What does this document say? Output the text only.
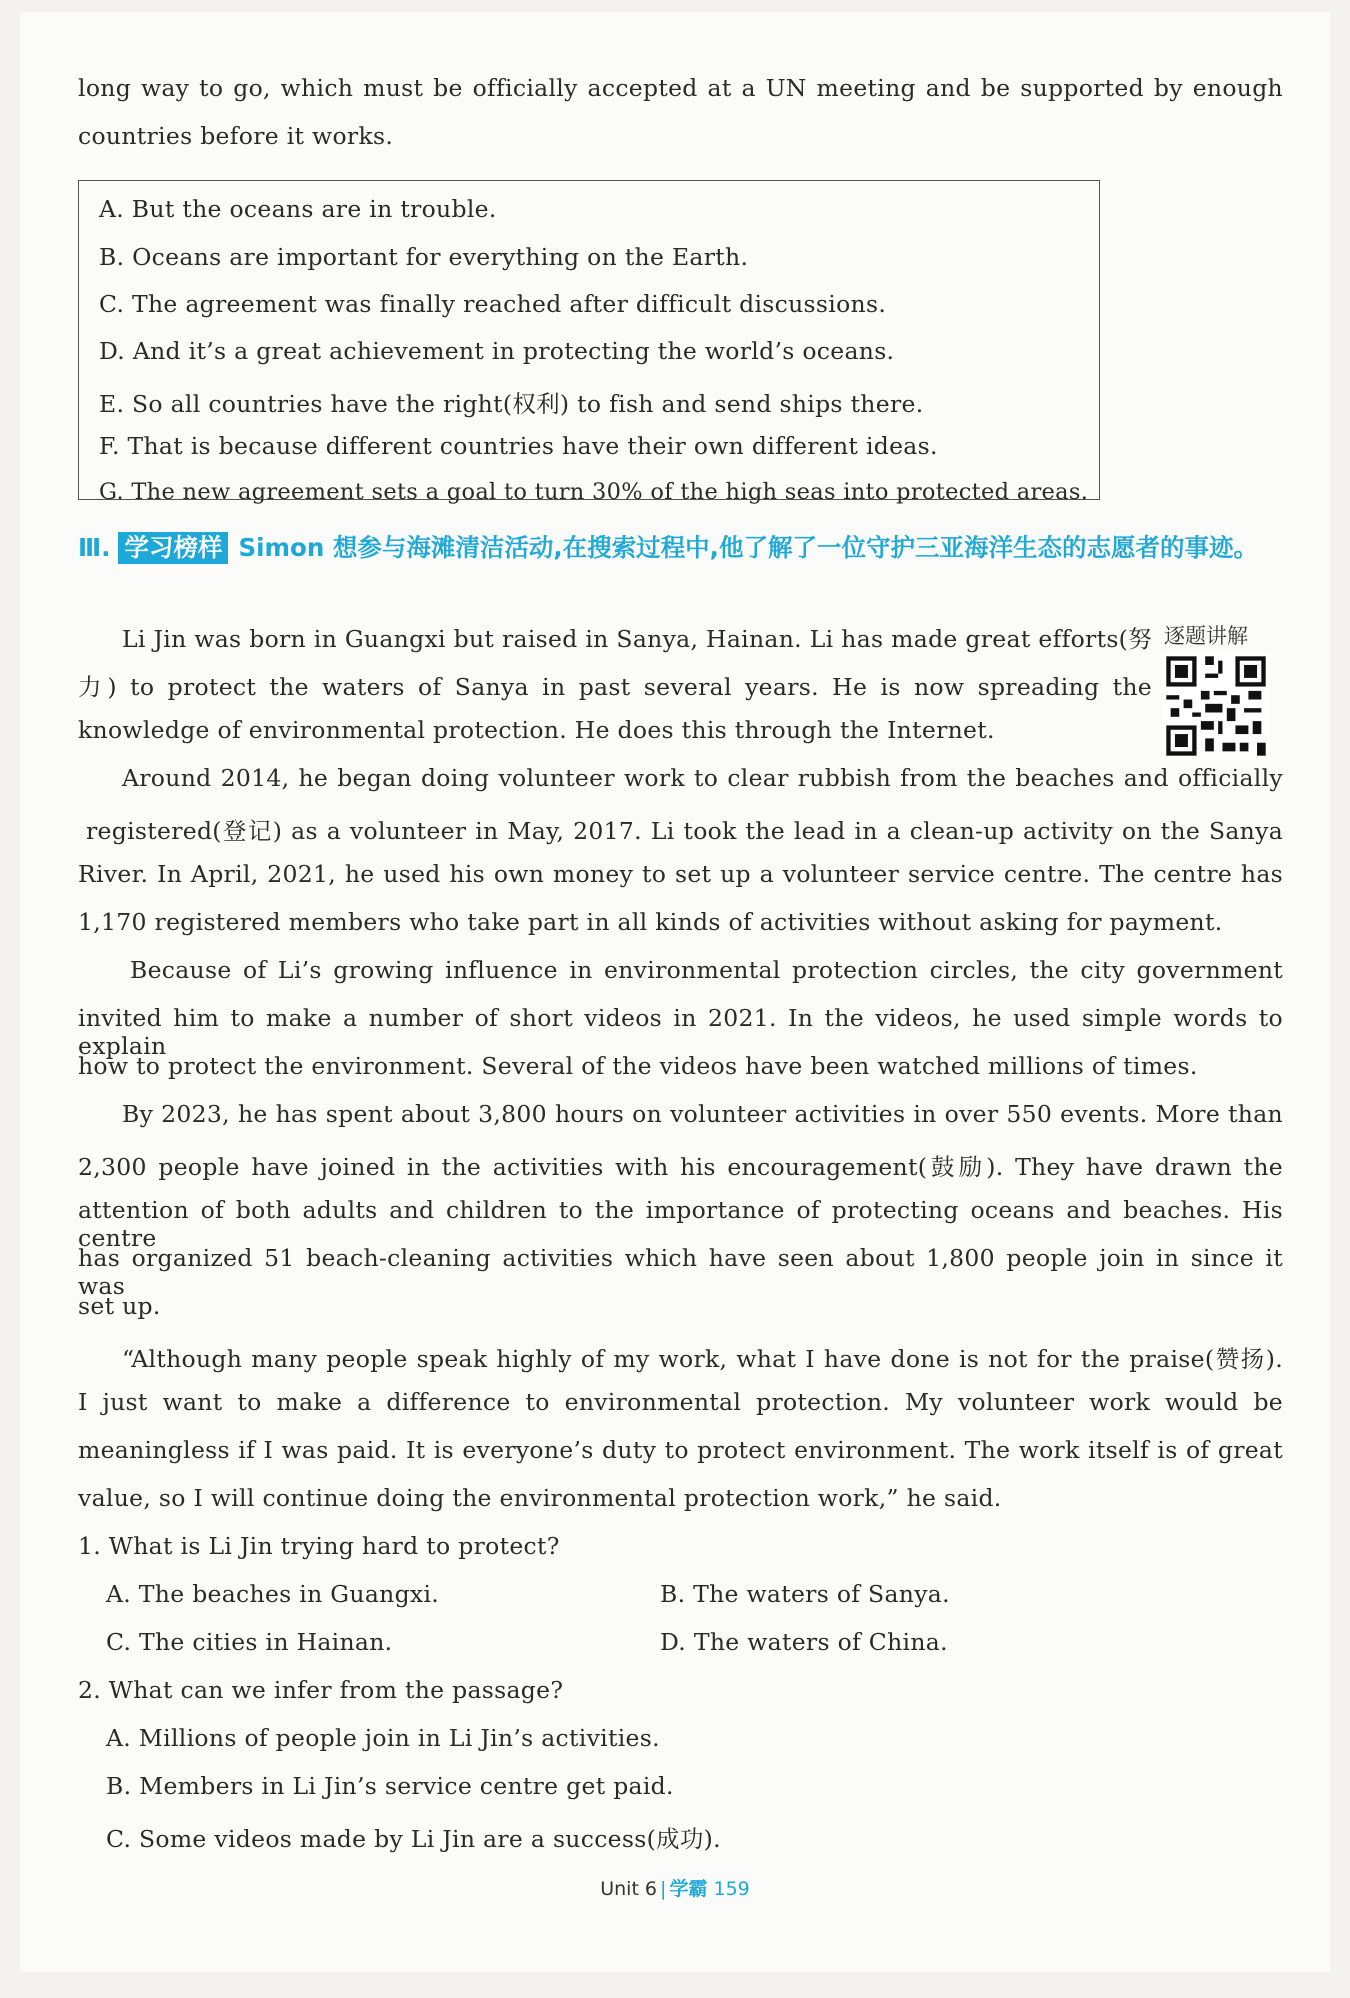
long way to go, which must be officially accepted at a UN meeting and be supported by enough
countries before it works.
A. But the oceans are in trouble.
B. Oceans are important for everything on the Earth.
C. The agreement was finally reached after difficult discussions.
D. And it’s a great achievement in protecting the world’s oceans.
E. So all countries have the right(权利) to fish and send ships there.
F. That is because different countries have their own different ideas.
G. The new agreement sets a goal to turn 30% of the high seas into protected areas.
Ⅲ. 学习榜样 Simon 想参与海滩清洁活动,在搜索过程中,他了解了一位守护三亚海洋生态的志愿者的事迹。
逐题讲解
Li Jin was born in Guangxi but raised in Sanya, Hainan. Li has made great efforts(努
力) to protect the waters of Sanya in past several years. He is now spreading the
knowledge of environmental protection. He does this through the Internet.
Around 2014, he began doing volunteer work to clear rubbish from the beaches and officially
registered(登记) as a volunteer in May, 2017. Li took the lead in a clean-up activity on the Sanya
River. In April, 2021, he used his own money to set up a volunteer service centre. The centre has
1,170 registered members who take part in all kinds of activities without asking for payment.
Because of Li’s growing influence in environmental protection circles, the city government
invited him to make a number of short videos in 2021. In the videos, he used simple words to explain
how to protect the environment. Several of the videos have been watched millions of times.
By 2023, he has spent about 3,800 hours on volunteer activities in over 550 events. More than
2,300 people have joined in the activities with his encouragement(鼓励). They have drawn the
attention of both adults and children to the importance of protecting oceans and beaches. His centre
has organized 51 beach-cleaning activities which have seen about 1,800 people join in since it was
set up.
“Although many people speak highly of my work, what I have done is not for the praise(赞扬).
I just want to make a difference to environmental protection. My volunteer work would be
meaningless if I was paid. It is everyone’s duty to protect environment. The work itself is of great
value, so I will continue doing the environmental protection work,” he said.
1. What is Li Jin trying hard to protect?
A. The beaches in Guangxi.	B. The waters of Sanya.
C. The cities in Hainan.	D. The waters of China.
2. What can we infer from the passage?
A. Millions of people join in Li Jin’s activities.
B. Members in Li Jin’s service centre get paid.
C. Some videos made by Li Jin are a success(成功).
Unit 6 | 学霸 159
